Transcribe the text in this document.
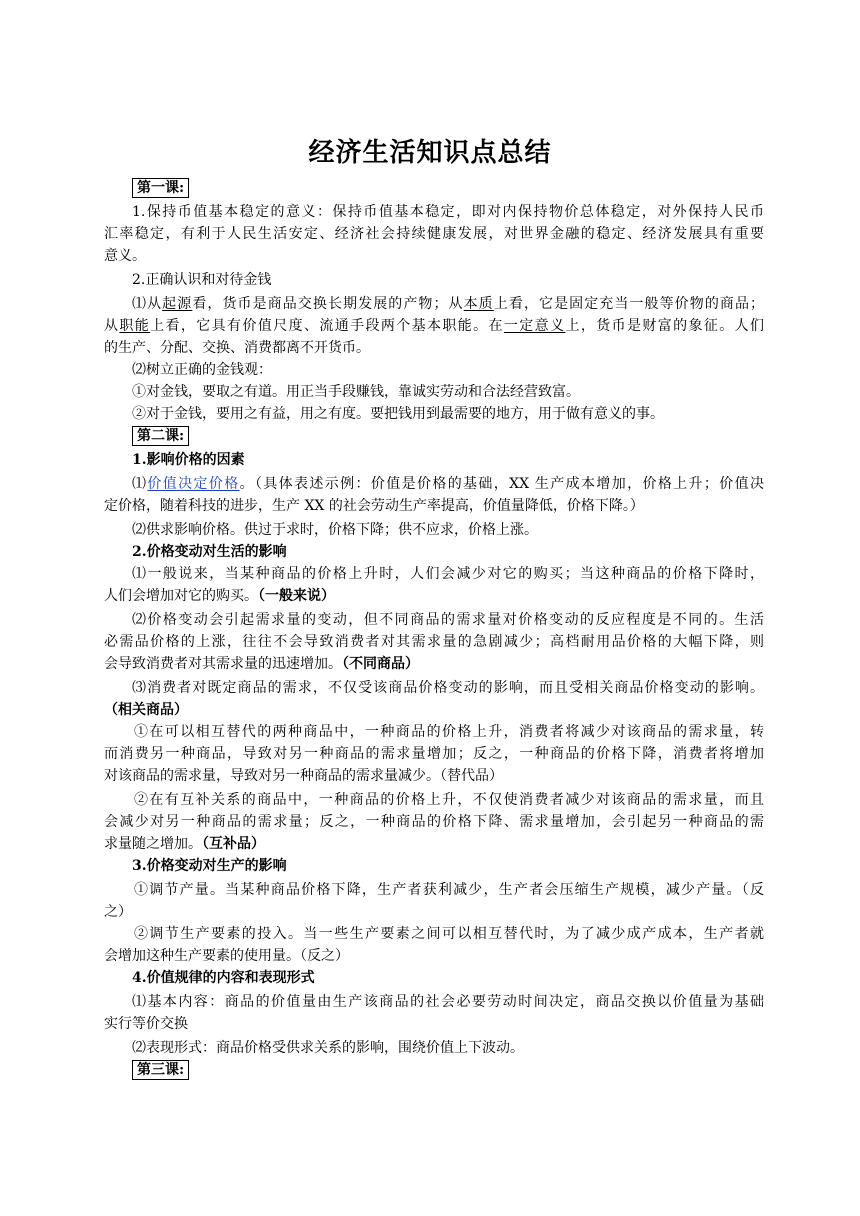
经济生活知识点总结
第一课:
1.保持币值基本稳定的意义：保持币值基本稳定，即对内保持物价总体稳定，对外保持人民币
汇率稳定，有利于人民生活安定、经济社会持续健康发展，对世界金融的稳定、经济发展具有重要
意义。
2.正确认识和对待金钱
⑴从起源看，货币是商品交换长期发展的产物；从本质上看，它是固定充当一般等价物的商品；
从职能上看，它具有价值尺度、流通手段两个基本职能。在一定意义上，货币是财富的象征。人们
的生产、分配、交换、消费都离不开货币。
⑵树立正确的金钱观：
①对金钱，要取之有道。用正当手段赚钱，靠诚实劳动和合法经营致富。
②对于金钱，要用之有益，用之有度。要把钱用到最需要的地方，用于做有意义的事。
第二课:
1.影响价格的因素
⑴价值决定价格。（具体表述示例：价值是价格的基础，XX 生产成本增加，价格上升；价值决
定价格，随着科技的进步，生产 XX 的社会劳动生产率提高，价值量降低，价格下降。）
⑵供求影响价格。供过于求时，价格下降；供不应求，价格上涨。
2.价格变动对生活的影响
⑴一般说来，当某种商品的价格上升时，人们会减少对它的购买；当这种商品的价格下降时，
人们会增加对它的购买。（一般来说）
⑵价格变动会引起需求量的变动，但不同商品的需求量对价格变动的反应程度是不同的。生活
必需品价格的上涨，往往不会导致消费者对其需求量的急剧减少；高档耐用品价格的大幅下降，则
会导致消费者对其需求量的迅速增加。（不同商品）
⑶消费者对既定商品的需求，不仅受该商品价格变动的影响，而且受相关商品价格变动的影响。
（相关商品）
①在可以相互替代的两种商品中，一种商品的价格上升，消费者将减少对该商品的需求量，转
而消费另一种商品，导致对另一种商品的需求量增加；反之，一种商品的价格下降，消费者将增加
对该商品的需求量，导致对另一种商品的需求量减少。（替代品）
②在有互补关系的商品中，一种商品的价格上升，不仅使消费者减少对该商品的需求量，而且
会减少对另一种商品的需求量；反之，一种商品的价格下降、需求量增加，会引起另一种商品的需
求量随之增加。（互补品）
3.价格变动对生产的影响
①调节产量。当某种商品价格下降，生产者获利减少，生产者会压缩生产规模，减少产量。（反
之）
②调节生产要素的投入。当一些生产要素之间可以相互替代时，为了减少成产成本，生产者就
会增加这种生产要素的使用量。（反之）
4.价值规律的内容和表现形式
⑴基本内容：商品的价值量由生产该商品的社会必要劳动时间决定，商品交换以价值量为基础
实行等价交换
⑵表现形式：商品价格受供求关系的影响，围绕价值上下波动。
第三课:
